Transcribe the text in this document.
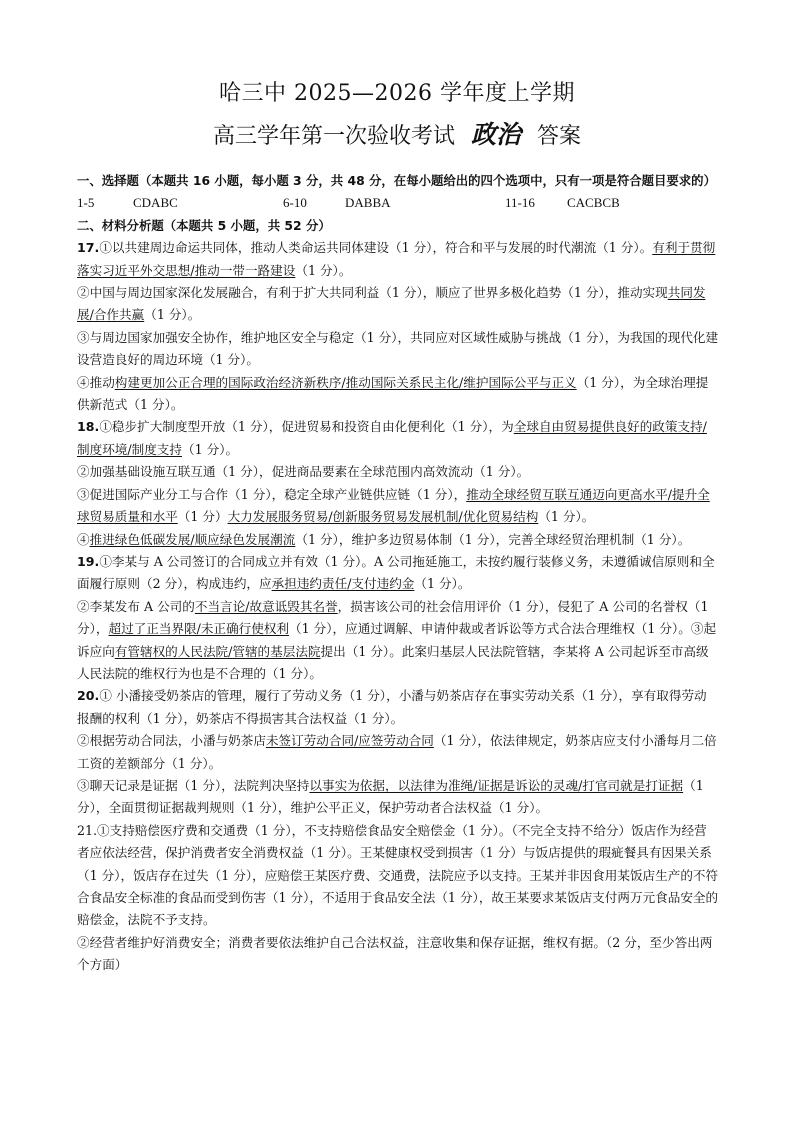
哈三中 2025—2026 学年度上学期
高三学年第一次验收考试 政治 答案

一、选择题（本题共 16 小题，每小题 3 分，共 48 分，在每小题给出的四个选项中，只有一项是符合题目要求的）

1-5	CDABC	6-10	DABBA	11-16	CACBCB

二、材料分析题（本题共 5 小题，共 52 分）

17.①以共建周边命运共同体，推动人类命运共同体建设（1 分），符合和平与发展的时代潮流（1 分）。有利于贯彻落实习近平外交思想/推动一带一路建设（1 分）。

②中国与周边国家深化发展融合，有利于扩大共同利益（1 分），顺应了世界多极化趋势（1 分），推动实现共同发展/合作共赢（1 分）。

③与周边国家加强安全协作，维护地区安全与稳定（1 分），共同应对区域性威胁与挑战（1 分），为我国的现代化建设营造良好的周边环境（1 分）。

④推动构建更加公正合理的国际政治经济新秩序/推动国际关系民主化/维护国际公平与正义（1 分），为全球治理提供新范式（1 分）。

18.①稳步扩大制度型开放（1 分），促进贸易和投资自由化便利化（1 分），为全球自由贸易提供良好的政策支持/制度环境/制度支持（1 分）。

②加强基础设施互联互通（1 分），促进商品要素在全球范围内高效流动（1 分）。

③促进国际产业分工与合作（1 分），稳定全球产业链供应链（1 分），推动全球经贸互联互通迈向更高水平/提升全球贸易质量和水平（1 分）大力发展服务贸易/创新服务贸易发展机制/优化贸易结构（1 分）。

④推进绿色低碳发展/顺应绿色发展潮流（1 分），维护多边贸易体制（1 分），完善全球经贸治理机制（1 分）。

19.①李某与 A 公司签订的合同成立并有效（1 分）。A 公司拖延施工，未按约履行装修义务，未遵循诚信原则和全面履行原则（2 分），构成违约，应承担违约责任/支付违约金（1 分）。

②李某发布 A 公司的不当言论/故意诋毁其名誉，损害该公司的社会信用评价（1 分），侵犯了 A 公司的名誉权（1 分），超过了正当界限/未正确行使权利（1 分），应通过调解、申请仲裁或者诉讼等方式合法合理维权（1 分）。③起诉应向有管辖权的人民法院/管辖的基层法院提出（1 分）。此案归基层人民法院管辖，李某将 A 公司起诉至市高级人民法院的维权行为也是不合理的（1 分）。

20.① 小潘接受奶茶店的管理，履行了劳动义务（1 分），小潘与奶茶店存在事实劳动关系（1 分），享有取得劳动报酬的权利（1 分），奶茶店不得损害其合法权益（1 分）。

②根据劳动合同法，小潘与奶茶店未签订劳动合同/应签劳动合同（1 分），依法律规定，奶茶店应支付小潘每月二倍工资的差额部分（1 分）。

③聊天记录是证据（1 分），法院判决坚持以事实为依据，以法律为准绳/证据是诉讼的灵魂/打官司就是打证据（1 分），全面贯彻证据裁判规则（1 分），维护公平正义，保护劳动者合法权益（1 分）。

21.①支持赔偿医疗费和交通费（1 分），不支持赔偿食品安全赔偿金（1 分）。（不完全支持不给分）饭店作为经营者应依法经营，保护消费者安全消费权益（1 分）。王某健康权受到损害（1 分）与饭店提供的瑕疵餐具有因果关系（1 分），饭店存在过失（1 分），应赔偿王某医疗费、交通费，法院应予以支持。王某并非因食用某饭店生产的不符合食品安全标准的食品而受到伤害（1 分），不适用于食品安全法（1 分），故王某要求某饭店支付两万元食品安全的赔偿金，法院不予支持。

②经营者维护好消费安全；消费者要依法维护自己合法权益，注意收集和保存证据，维权有据。（2 分，至少答出两个方面）
